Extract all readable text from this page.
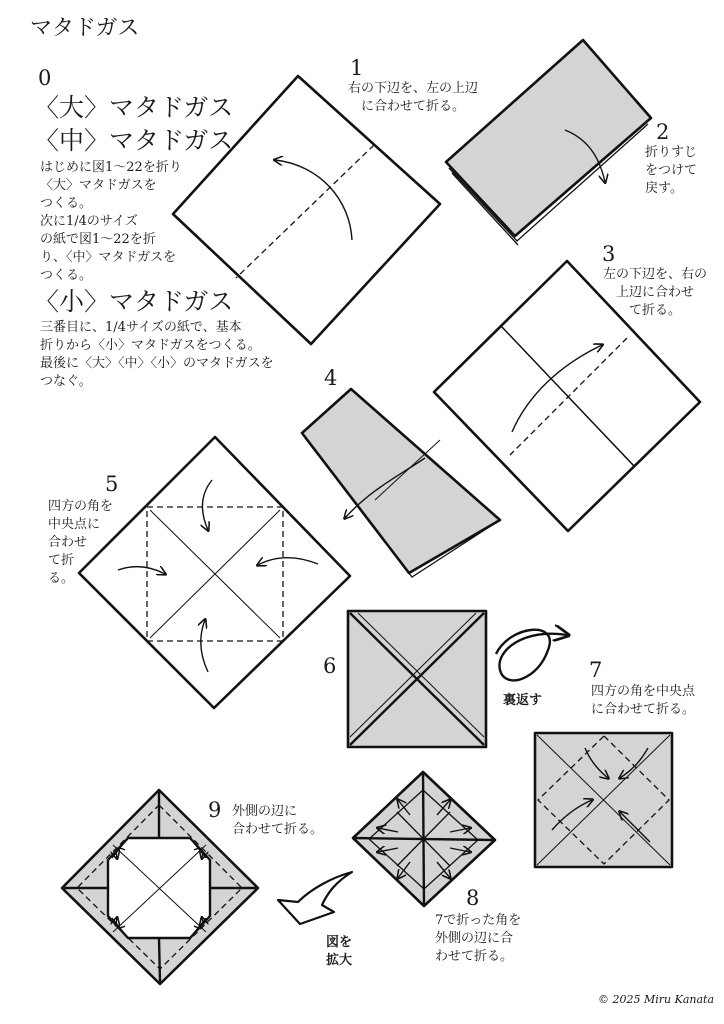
マタドガス
0
〈大〉マタドガス
〈中〉マタドガス
はじめに図1～22を折り
〈大〉マタドガスを
つくる。
次に1/4のサイズ
の紙で図1～22を折
り、〈中〉マタドガスを
つくる。
〈小〉マタドガス
三番目に、1/4サイズの紙で、基本
折りから〈小〉マタドガスをつくる。
最後に〈大〉〈中〉〈小〉のマタドガスを
つなぐ。
1
右の下辺を、左の上辺
に合わせて折る。
2
折りすじ
をつけて
戻す。
3
左の下辺を、右の
上辺に合わせ
て折る。
4
5
四方の角を
中央点に
合わせ
て折
る。
6
裏返す
7
四方の角を中央点
に合わせて折る。
9 外側の辺に
合わせて折る。
8
7で折った角を
外側の辺に合
わせて折る。
図を
拡大
© 2025 Miru Kanata
